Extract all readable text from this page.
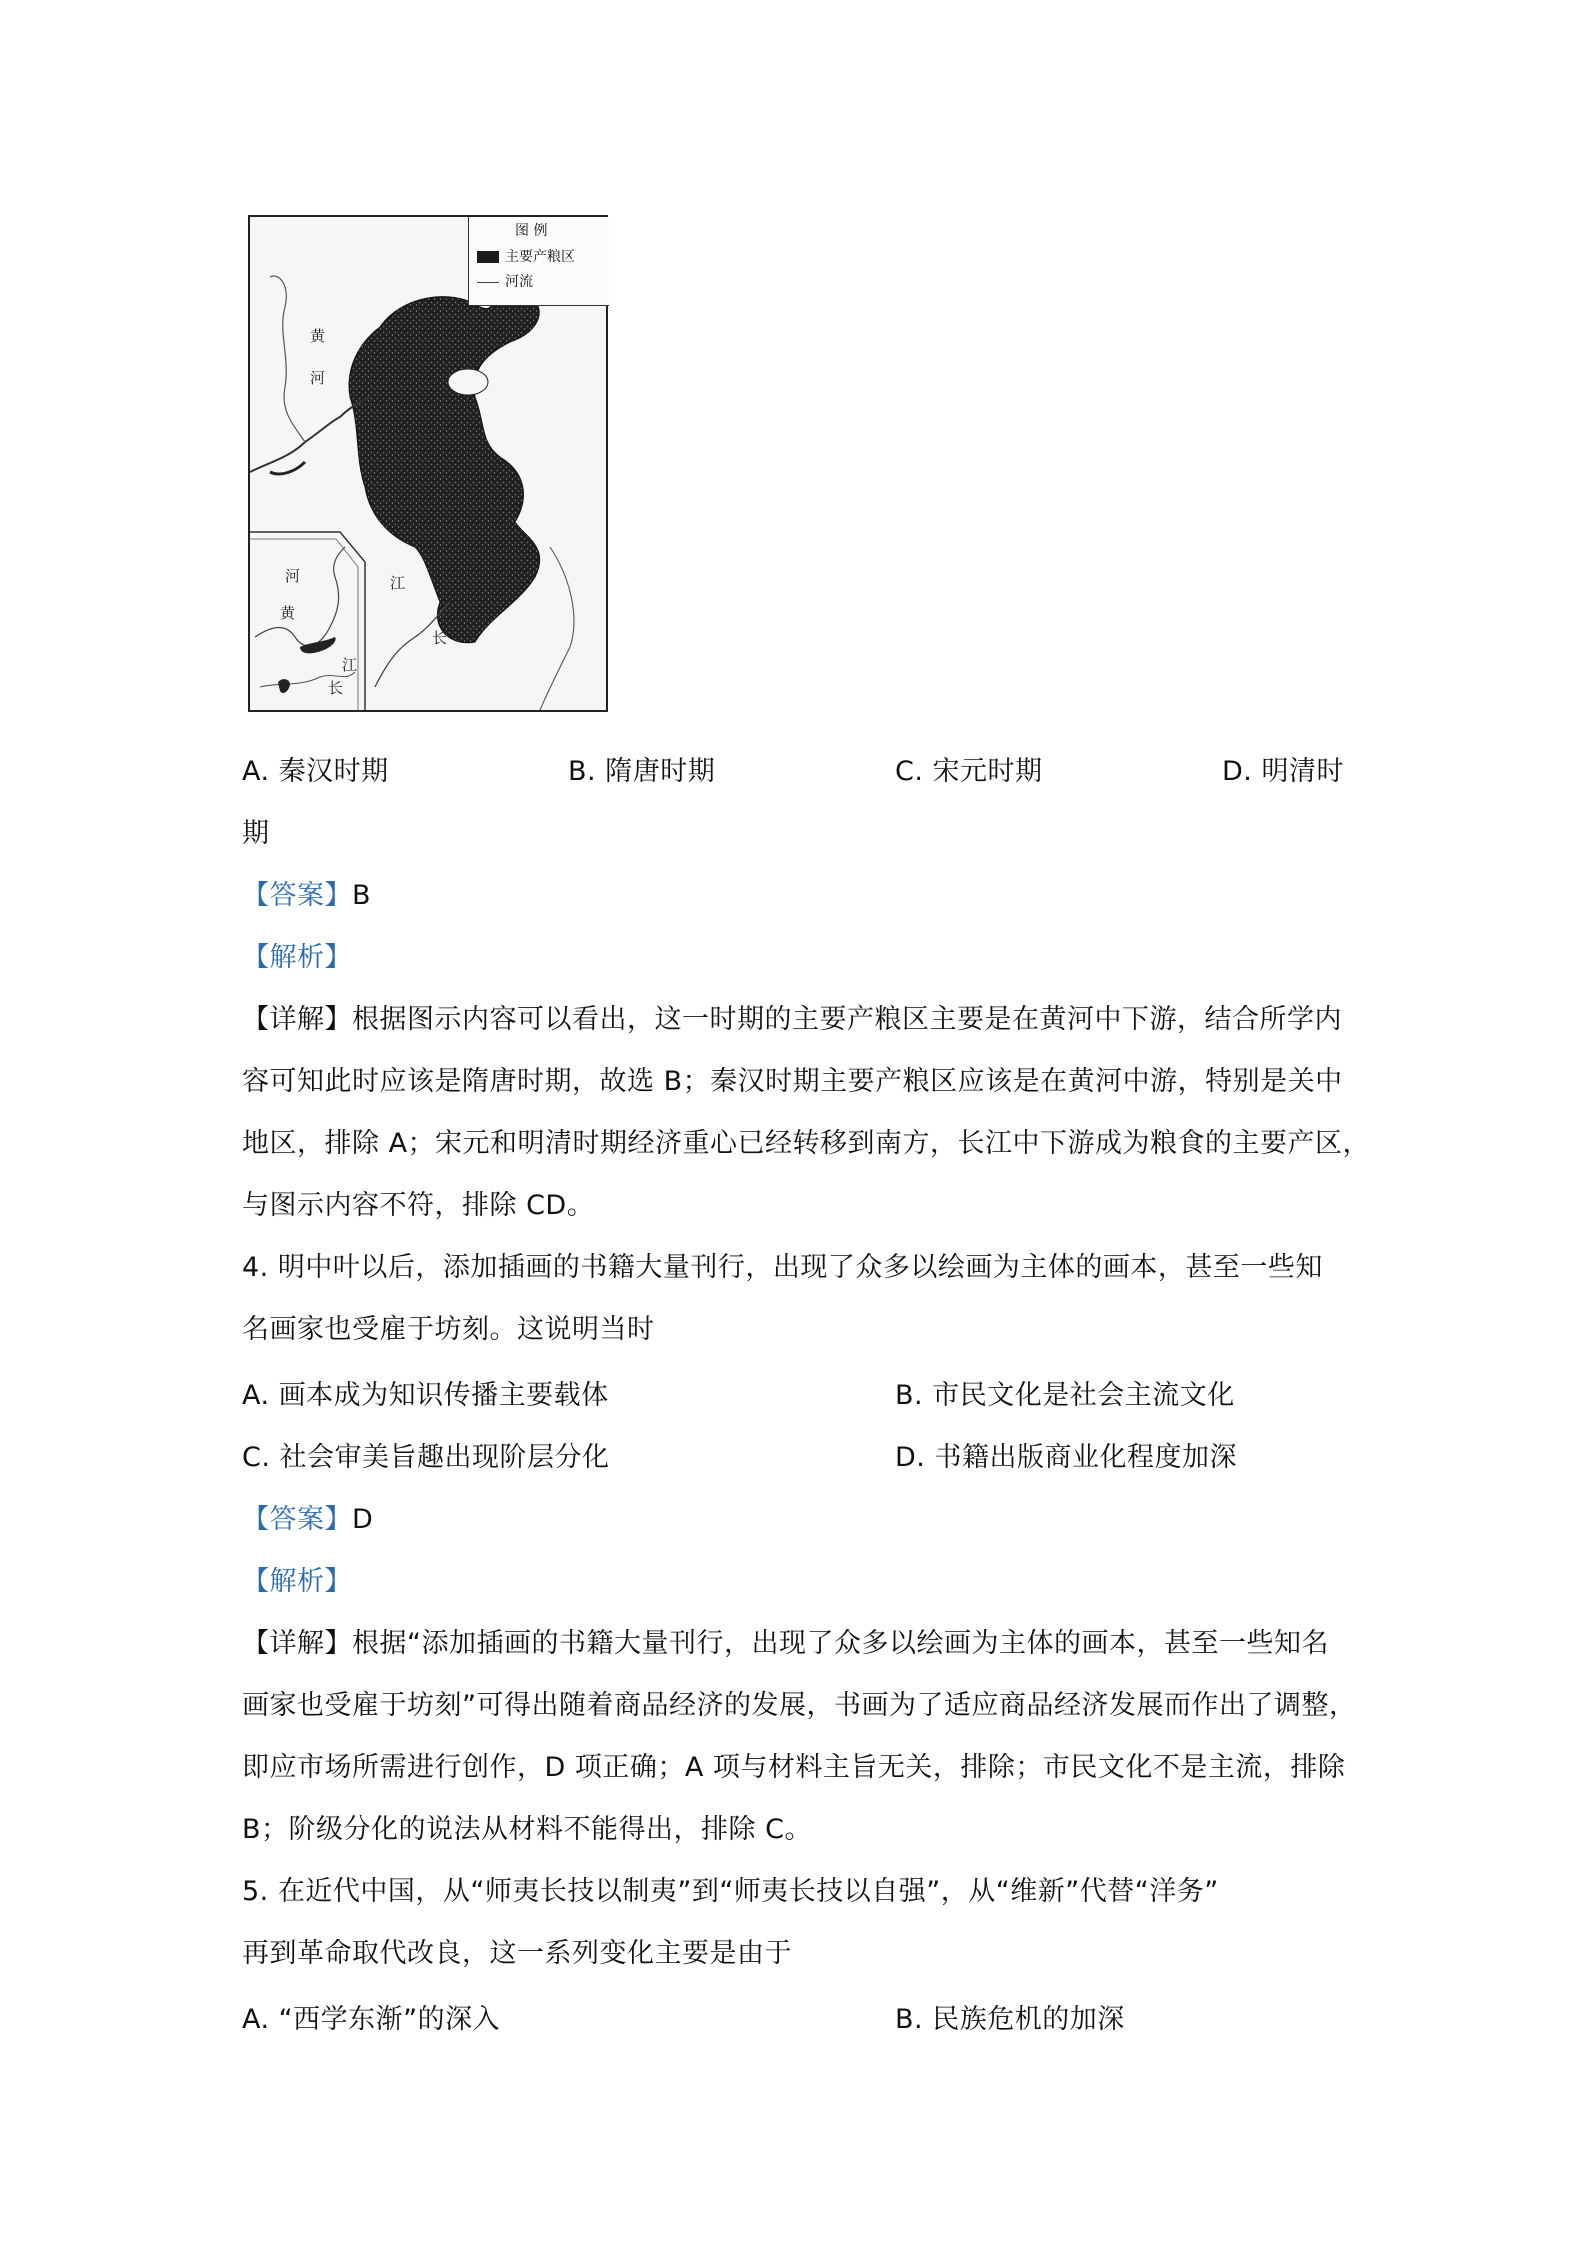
图 例
主要产粮区
河流
黄
河
河
黄
长
江
江
长
A. 秦汉时期	B. 隋唐时期	C. 宋元时期	D. 明清时
期
【答案】B
【解析】
【详解】根据图示内容可以看出，这一时期的主要产粮区主要是在黄河中下游，结合所学内
容可知此时应该是隋唐时期，故选 B；秦汉时期主要产粮区应该是在黄河中游，特别是关中
地区，排除 A；宋元和明清时期经济重心已经转移到南方，长江中下游成为粮食的主要产区，
与图示内容不符，排除 CD。
4. 明中叶以后，添加插画的书籍大量刊行，出现了众多以绘画为主体的画本，甚至一些知
名画家也受雇于坊刻。这说明当时
A. 画本成为知识传播主要载体	B. 市民文化是社会主流文化
C. 社会审美旨趣出现阶层分化	D. 书籍出版商业化程度加深
【答案】D
【解析】
【详解】根据“添加插画的书籍大量刊行，出现了众多以绘画为主体的画本，甚至一些知名
画家也受雇于坊刻”可得出随着商品经济的发展，书画为了适应商品经济发展而作出了调整，
即应市场所需进行创作，D 项正确；A 项与材料主旨无关，排除；市民文化不是主流，排除
B；阶级分化的说法从材料不能得出，排除 C。
5. 在近代中国，从“师夷长技以制夷”到“师夷长技以自强”，从“维新”代替“洋务”
再到革命取代改良，这一系列变化主要是由于
A. “西学东渐”的深入	B. 民族危机的加深
